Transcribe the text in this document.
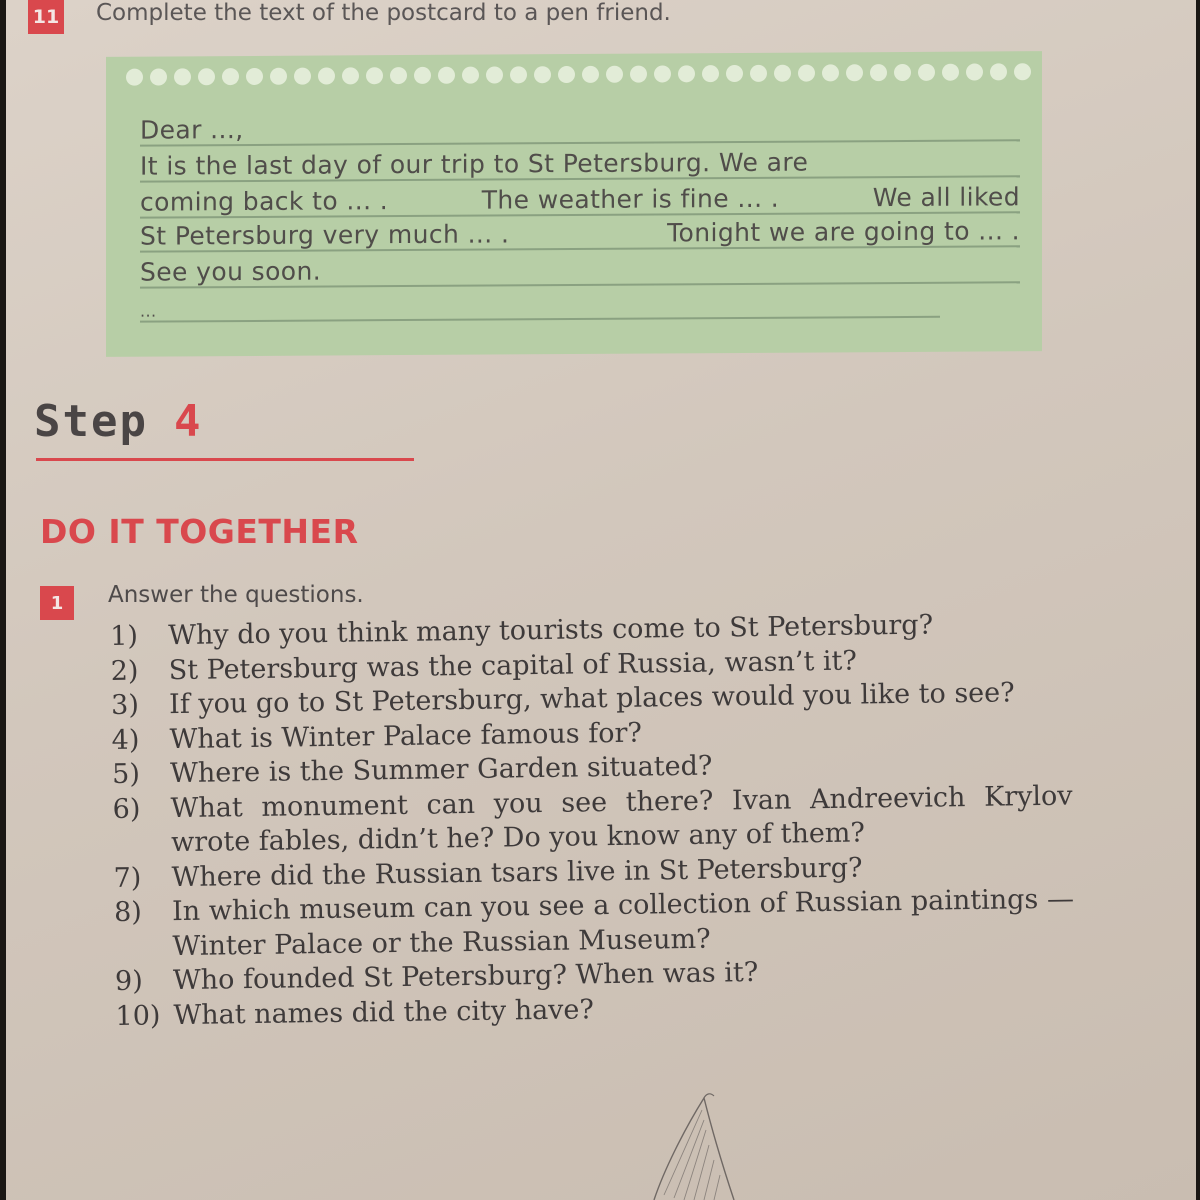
11 Complete the text of the postcard to a pen friend.
Dear ...,
It is the last day of our trip to St Petersburg. We are
coming back to ... .	The weather is fine ... .	We all liked
St Petersburg very much ... .	Tonight we are going to ... .
See you soon.
...
Step 4
DO IT TOGETHER
1	Answer the questions.
1)	Why do you think many tourists come to St Petersburg?
2)	St Petersburg was the capital of Russia, wasn’t it?
3)	If you go to St Petersburg, what places would you like to see?
4)	What is Winter Palace famous for?
5)	Where is the Summer Garden situated?
6)	What monument can you see there? Ivan Andreevich Krylov wrote fables, didn’t he? Do you know any of them?
7)	Where did the Russian tsars live in St Petersburg?
8)	In which museum can you see a collection of Russian paintings — Winter Palace or the Russian Museum?
9)	Who founded St Petersburg? When was it?
10) What names did the city have?
